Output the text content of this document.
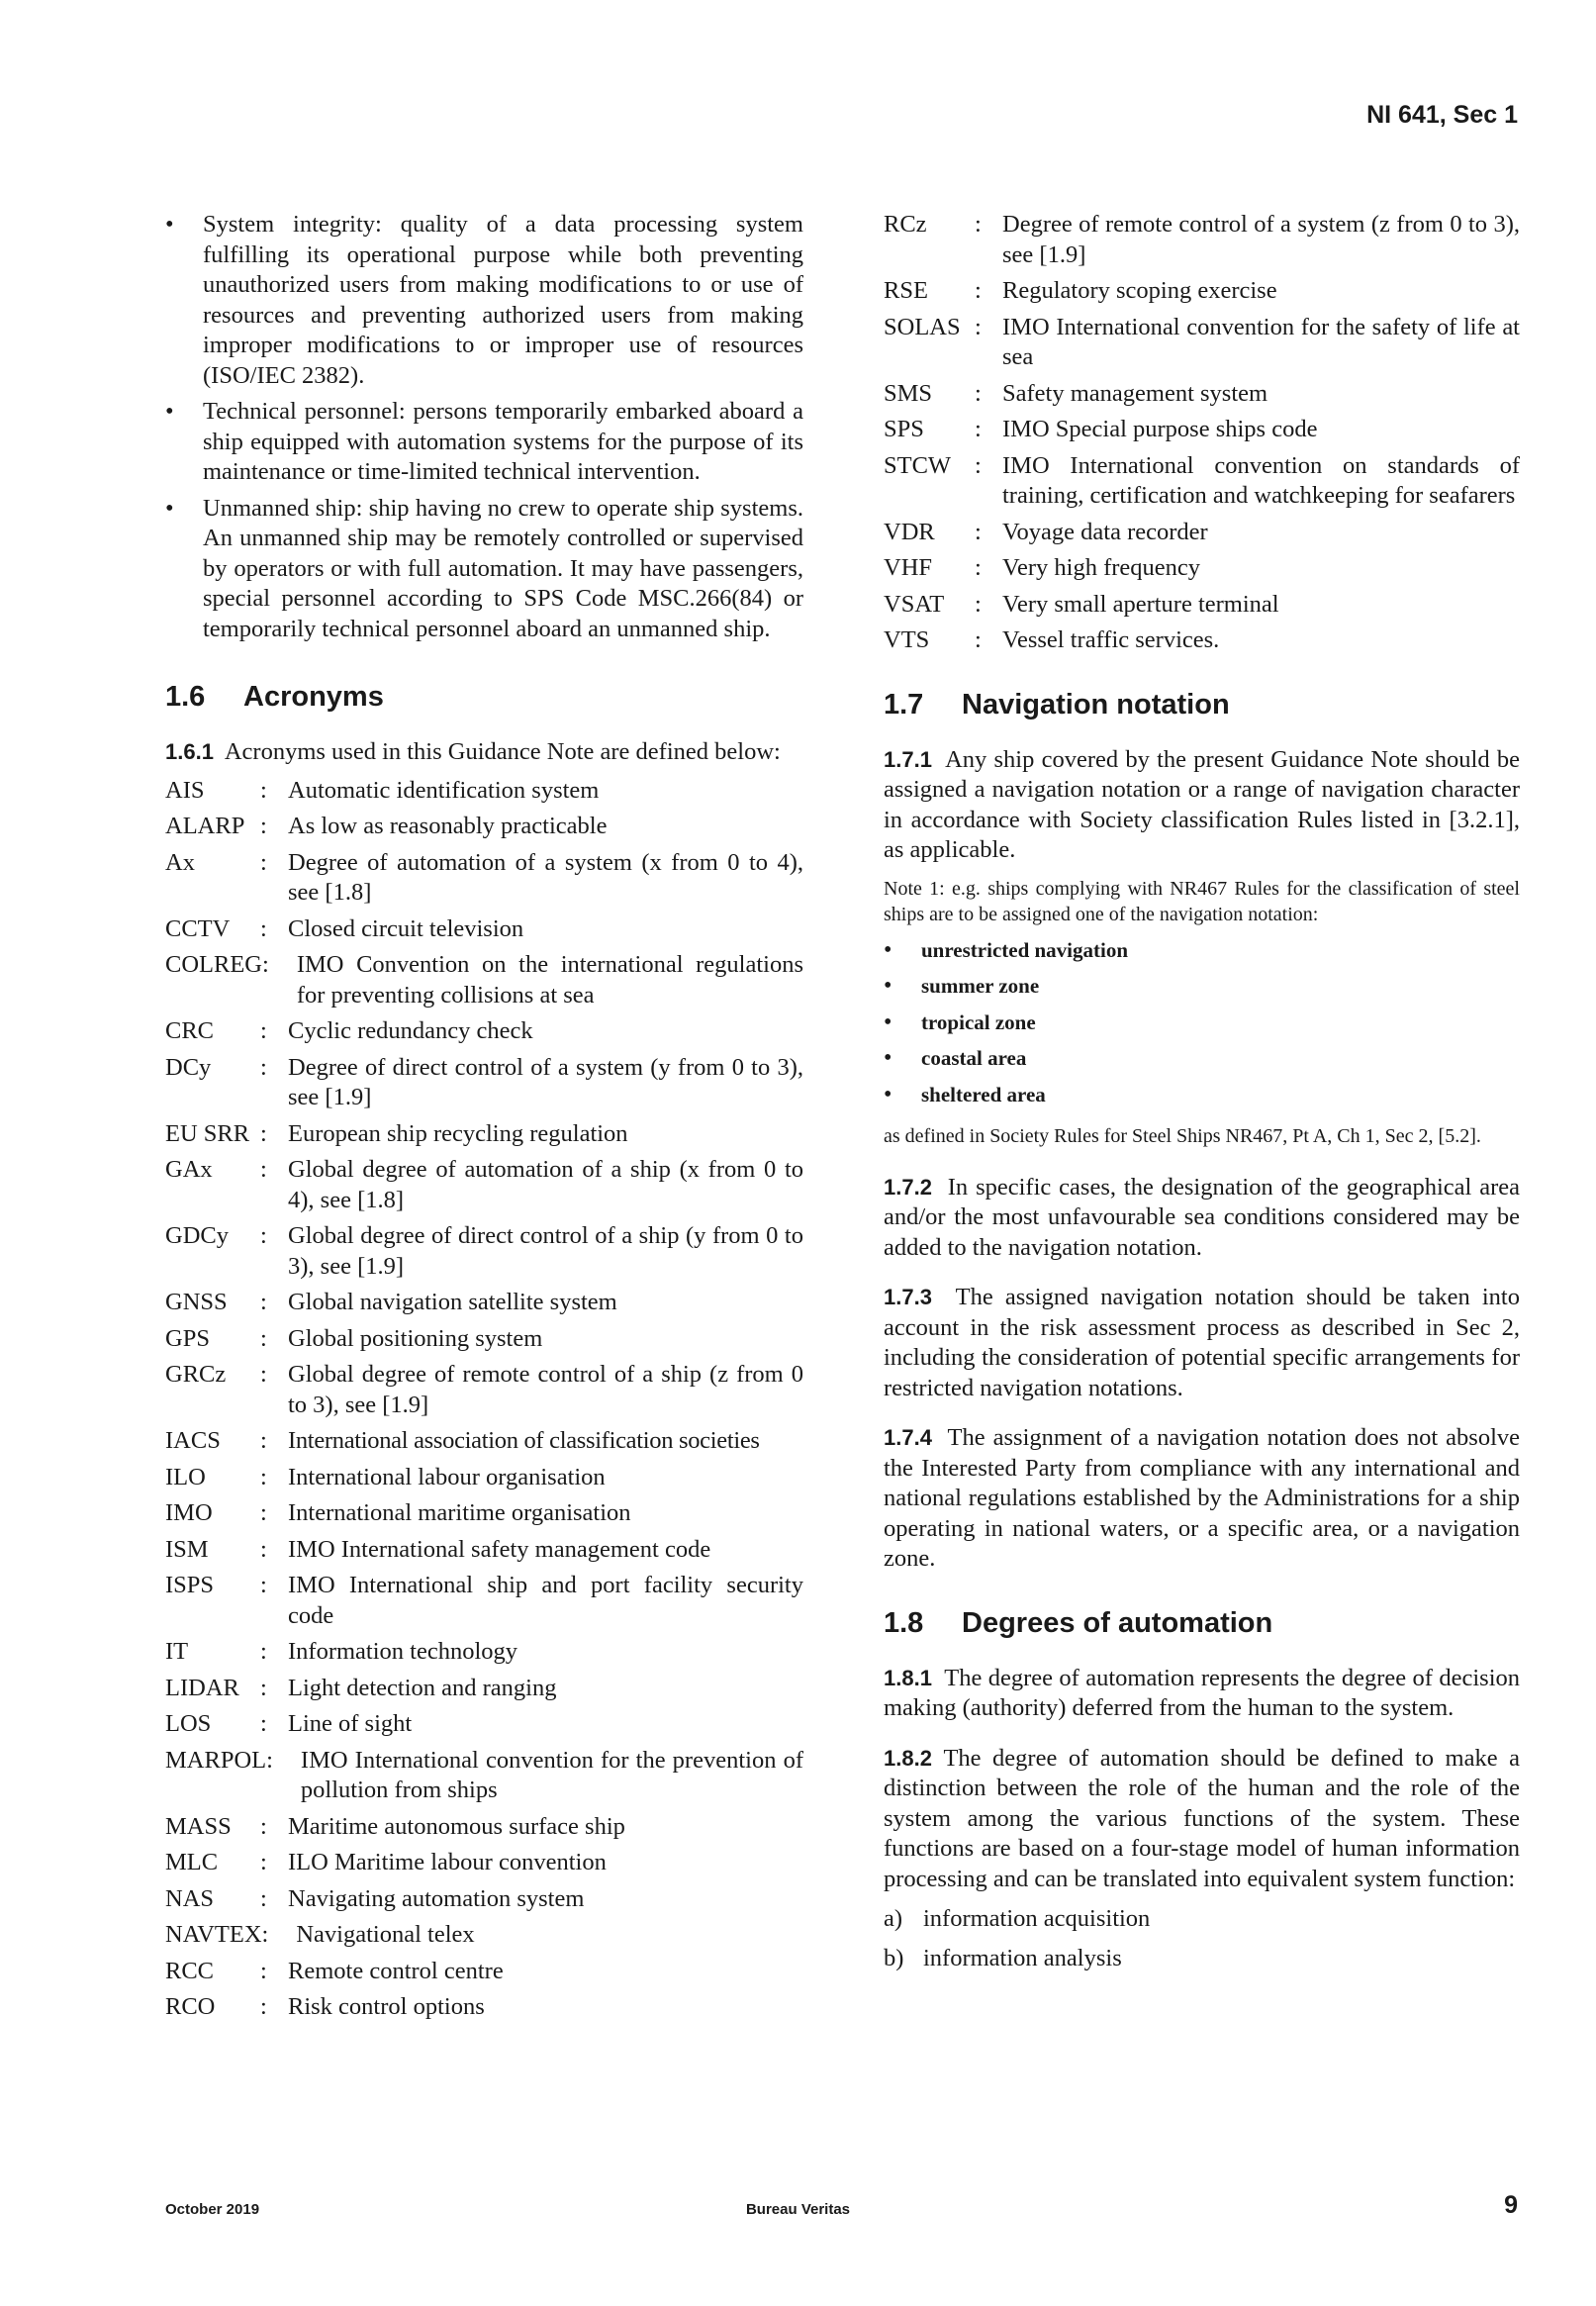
NI 641, Sec 1
• System integrity: quality of a data processing system fulfilling its operational purpose while both preventing unauthorized users from making modifications to or use of resources and preventing authorized users from making improper modifications to or improper use of resources (ISO/IEC 2382).
• Technical personnel: persons temporarily embarked aboard a ship equipped with automation systems for the purpose of its maintenance or time-limited technical intervention.
• Unmanned ship: ship having no crew to operate ship systems. An unmanned ship may be remotely controlled or supervised by operators or with full automation. It may have passengers, special personnel according to SPS Code MSC.266(84) or temporarily technical personnel aboard an unmanned ship.
1.6 Acronyms

1.6.1 Acronyms used in this Guidance Note are defined below:

AIS	:	Automatic identification system
ALARP	:	As low as reasonably practicable
Ax	:	Degree of automation of a system (x from 0 to 4), see [1.8]
CCTV	:	Closed circuit television
COLREG:		IMO Convention on the international regulations for preventing collisions at sea
CRC	:	Cyclic redundancy check
DCy	:	Degree of direct control of a system (y from 0 to 3), see [1.9]
EU SRR	:	European ship recycling regulation
GAx	:	Global degree of automation of a ship (x from 0 to 4), see [1.8]
GDCy	:	Global degree of direct control of a ship (y from 0 to 3), see [1.9]
GNSS	:	Global navigation satellite system
GPS	:	Global positioning system
GRCz	:	Global degree of remote control of a ship (z from 0 to 3), see [1.9]
IACS	:	International association of classification societies
ILO	:	International labour organisation
IMO	:	International maritime organisation
ISM	:	IMO International safety management code
ISPS	:	IMO International ship and port facility security code
IT	:	Information technology
LIDAR	:	Light detection and ranging
LOS	:	Line of sight
MARPOL:		IMO International convention for the prevention of pollution from ships
MASS	:	Maritime autonomous surface ship
MLC	:	ILO Maritime labour convention
NAS	:	Navigating automation system
NAVTEX:		Navigational telex
RCC	:	Remote control centre
RCO	:	Risk control options
RCz	:	Degree of remote control of a system (z from 0 to 3), see [1.9]
RSE	:	Regulatory scoping exercise
SOLAS	:	IMO International convention for the safety of life at sea
SMS	:	Safety management system
SPS	:	IMO Special purpose ships code
STCW	:	IMO International convention on standards of training, certification and watchkeeping for seafarers
VDR	:	Voyage data recorder
VHF	:	Very high frequency
VSAT	:	Very small aperture terminal
VTS	:	Vessel traffic services.
1.7 Navigation notation

1.7.1 Any ship covered by the present Guidance Note should be assigned a navigation notation or a range of navigation character in accordance with Society classification Rules listed in [3.2.1], as applicable.

Note 1: e.g. ships complying with NR467 Rules for the classification of steel ships are to be assigned one of the navigation notation:
• unrestricted navigation
• summer zone
• tropical zone
• coastal area
• sheltered area
as defined in Society Rules for Steel Ships NR467, Pt A, Ch 1, Sec 2, [5.2].

1.7.2 In specific cases, the designation of the geographical area and/or the most unfavourable sea conditions considered may be added to the navigation notation.

1.7.3 The assigned navigation notation should be taken into account in the risk assessment process as described in Sec 2, including the consideration of potential specific arrangements for restricted navigation notations.

1.7.4 The assignment of a navigation notation does not absolve the Interested Party from compliance with any international and national regulations established by the Administrations for a ship operating in national waters, or a specific area, or a navigation zone.

1.8 Degrees of automation

1.8.1 The degree of automation represents the degree of decision making (authority) deferred from the human to the system.

1.8.2 The degree of automation should be defined to make a distinction between the role of the human and the role of the system among the various functions of the system. These functions are based on a four-stage model of human information processing and can be translated into equivalent system function:

a)	information acquisition
b)	information analysis
October 2019	Bureau Veritas	9
